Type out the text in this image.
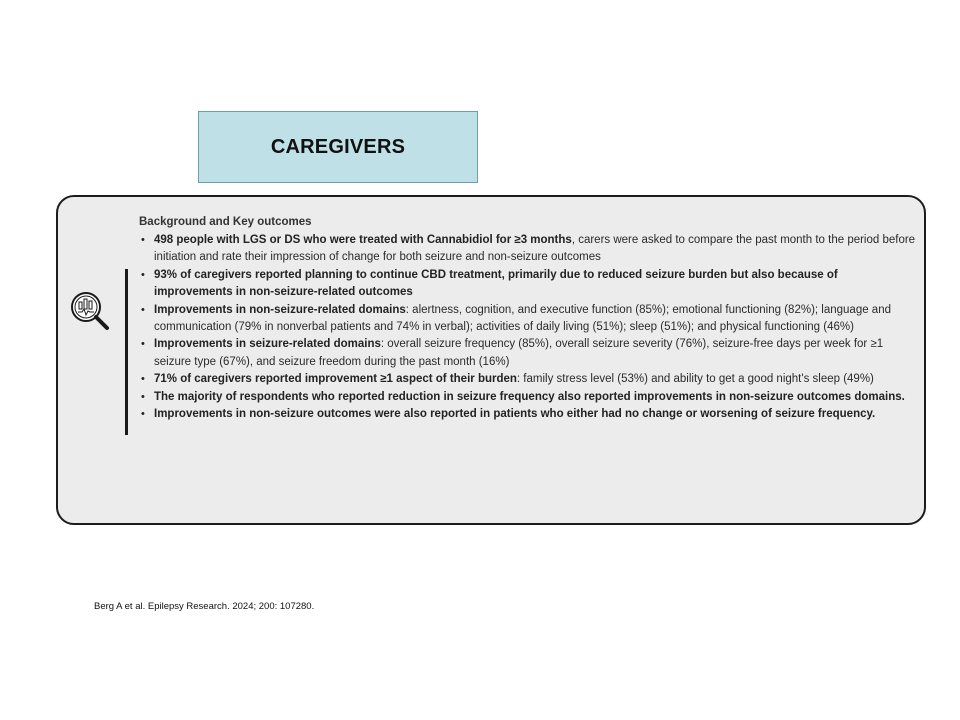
CAREGIVERS
Background and Key outcomes
• 498 people with LGS or DS who were treated with Cannabidiol for ≥3 months, carers were asked to compare the past month to the period before initiation and rate their impression of change for both seizure and non-seizure outcomes
• 93% of caregivers reported planning to continue CBD treatment, primarily due to reduced seizure burden but also because of improvements in non-seizure-related outcomes
• Improvements in non-seizure-related domains: alertness, cognition, and executive function (85%); emotional functioning (82%); language and communication (79% in nonverbal patients and 74% in verbal); activities of daily living (51%); sleep (51%); and physical functioning (46%)
• Improvements in seizure-related domains: overall seizure frequency (85%), overall seizure severity (76%), seizure-free days per week for ≥1 seizure type (67%), and seizure freedom during the past month (16%)
• 71% of caregivers reported improvement ≥1 aspect of their burden: family stress level (53%) and ability to get a good night's sleep (49%)
• The majority of respondents who reported reduction in seizure frequency also reported improvements in non-seizure outcomes domains.
• Improvements in non-seizure outcomes were also reported in patients who either had no change or worsening of seizure frequency.
Berg A et al. Epilepsy Research. 2024; 200: 107280.
